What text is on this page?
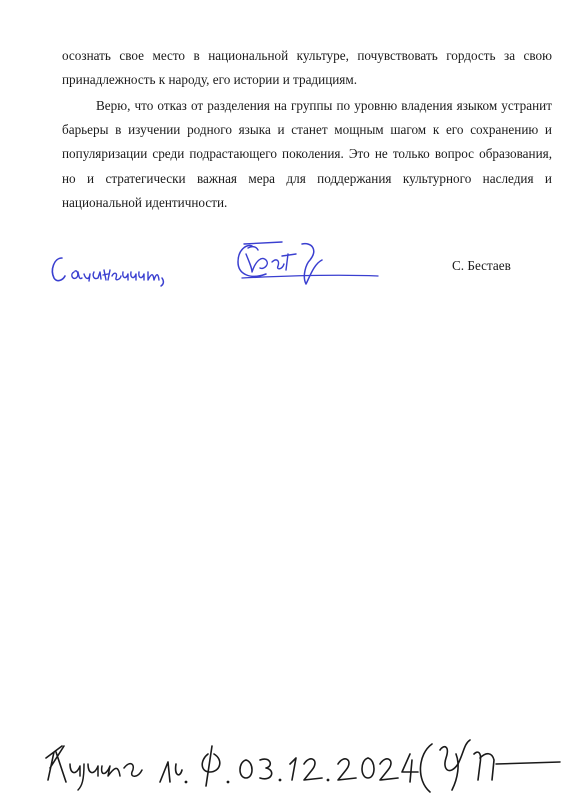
осознать свое место в национальной культуре, почувствовать гордость за свою принадлежность к народу, его истории и традициям.

Верю, что отказ от разделения на группы по уровню владения языком устранит барьеры в изучении родного языка и станет мощным шагом к его сохранению и популяризации среди подрастающего поколения. Это не только вопрос образования, но и стратегически важная мера для поддержания культурного наследия и национальной идентичности.

С. Бестаев
